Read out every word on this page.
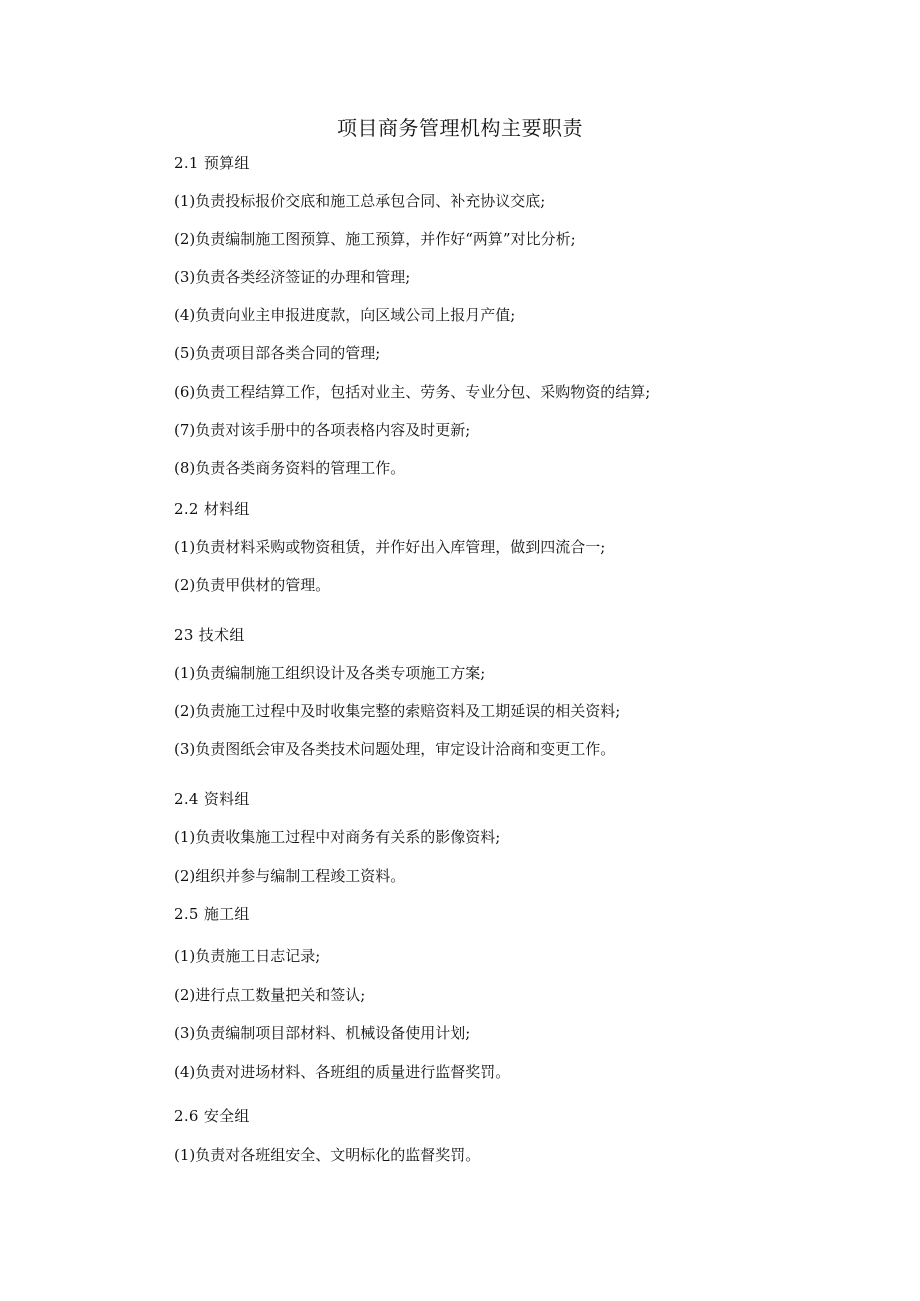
项目商务管理机构主要职责
2.1 预算组
(1)负责投标报价交底和施工总承包合同、补充协议交底;
(2)负责编制施工图预算、施工预算，并作好“两算”对比分析;
(3)负责各类经济签证的办理和管理;
(4)负责向业主申报进度款，向区域公司上报月产值;
(5)负责项目部各类合同的管理;
(6)负责工程结算工作，包括对业主、劳务、专业分包、采购物资的结算;
(7)负责对该手册中的各项表格内容及时更新;
(8)负责各类商务资料的管理工作。
2.2 材料组
(1)负责材料采购或物资租赁，并作好出入库管理，做到四流合一;
(2)负责甲供材的管理。
23 技术组
(1)负责编制施工组织设计及各类专项施工方案;
(2)负责施工过程中及时收集完整的索赔资料及工期延误的相关资料;
(3)负责图纸会审及各类技术问题处理，审定设计洽商和变更工作。
2.4 资料组
(1)负责收集施工过程中对商务有关系的影像资料;
(2)组织并参与编制工程竣工资料。
2.5 施工组
(1)负责施工日志记录;
(2)进行点工数量把关和签认;
(3)负责编制项目部材料、机械设备使用计划;
(4)负责对进场材料、各班组的质量进行监督奖罚。
2.6 安全组
(1)负责对各班组安全、文明标化的监督奖罚。
